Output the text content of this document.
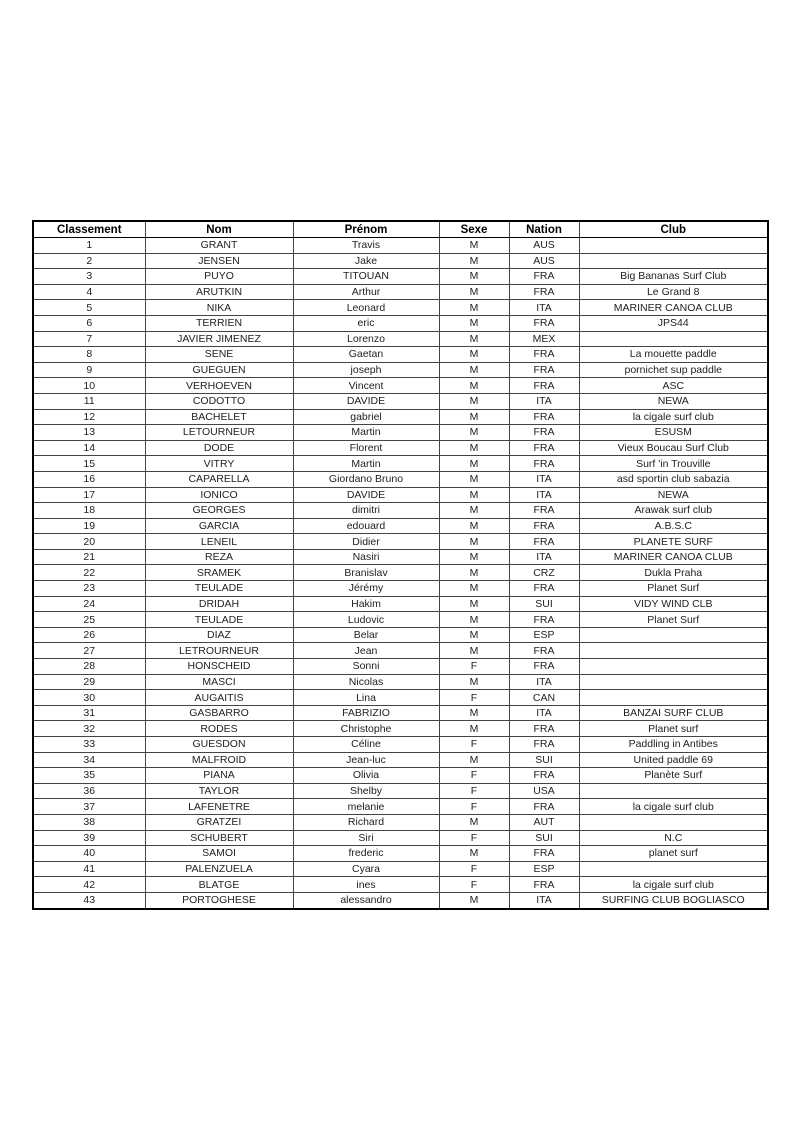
Classement	Nom	Prénom	Sexe	Nation	Club
1	GRANT	Travis	M	AUS	
2	JENSEN	Jake	M	AUS	
3	PUYO	TITOUAN	M	FRA	Big Bananas Surf Club
4	ARUTKIN	Arthur	M	FRA	Le Grand 8
5	NIKA	Leonard	M	ITA	MARINER CANOA CLUB
6	TERRIEN	eric	M	FRA	JPS44
7	JAVIER JIMENEZ	Lorenzo	M	MEX	
8	SENE	Gaetan	M	FRA	La mouette paddle
9	GUEGUEN	joseph	M	FRA	pornichet sup paddle
10	VERHOEVEN	Vincent	M	FRA	ASC
11	CODOTTO	DAVIDE	M	ITA	NEWA
12	BACHELET	gabriel	M	FRA	la cigale surf club
13	LETOURNEUR	Martin	M	FRA	ESUSM
14	DODE	Florent	M	FRA	Vieux Boucau Surf Club
15	VITRY	Martin	M	FRA	Surf 'in Trouville
16	CAPARELLA	Giordano Bruno	M	ITA	asd sportin club sabazia
17	IONICO	DAVIDE	M	ITA	NEWA
18	GEORGES	dimitri	M	FRA	Arawak surf club
19	GARCIA	edouard	M	FRA	A.B.S.C
20	LENEIL	Didier	M	FRA	PLANETE SURF
21	REZA	Nasiri	M	ITA	MARINER CANOA CLUB
22	SRAMEK	Branislav	M	CRZ	Dukla Praha
23	TEULADE	Jérémy	M	FRA	Planet Surf
24	DRIDAH	Hakim	M	SUI	VIDY WIND CLB
25	TEULADE	Ludovic	M	FRA	Planet Surf
26	DIAZ	Belar	M	ESP	
27	LETROURNEUR	Jean	M	FRA	
28	HONSCHEID	Sonni	F	FRA	
29	MASCI	Nicolas	M	ITA	
30	AUGAITIS	Lina	F	CAN	
31	GASBARRO	FABRIZIO	M	ITA	BANZAI SURF CLUB
32	RODES	Christophe	M	FRA	Planet surf
33	GUESDON	Céline	F	FRA	Paddling in Antibes
34	MALFROID	Jean-luc	M	SUI	United paddle 69
35	PIANA	Olivia	F	FRA	Planète Surf
36	TAYLOR	Shelby	F	USA	
37	LAFENETRE	melanie	F	FRA	la cigale surf club
38	GRATZEI	Richard	M	AUT	
39	SCHUBERT	Siri	F	SUI	N.C
40	SAMOI	frederic	M	FRA	planet surf
41	PALENZUELA	Cyara	F	ESP	
42	BLATGE	ines	F	FRA	la cigale surf club
43	PORTOGHESE	alessandro	M	ITA	SURFING CLUB BOGLIASCO
